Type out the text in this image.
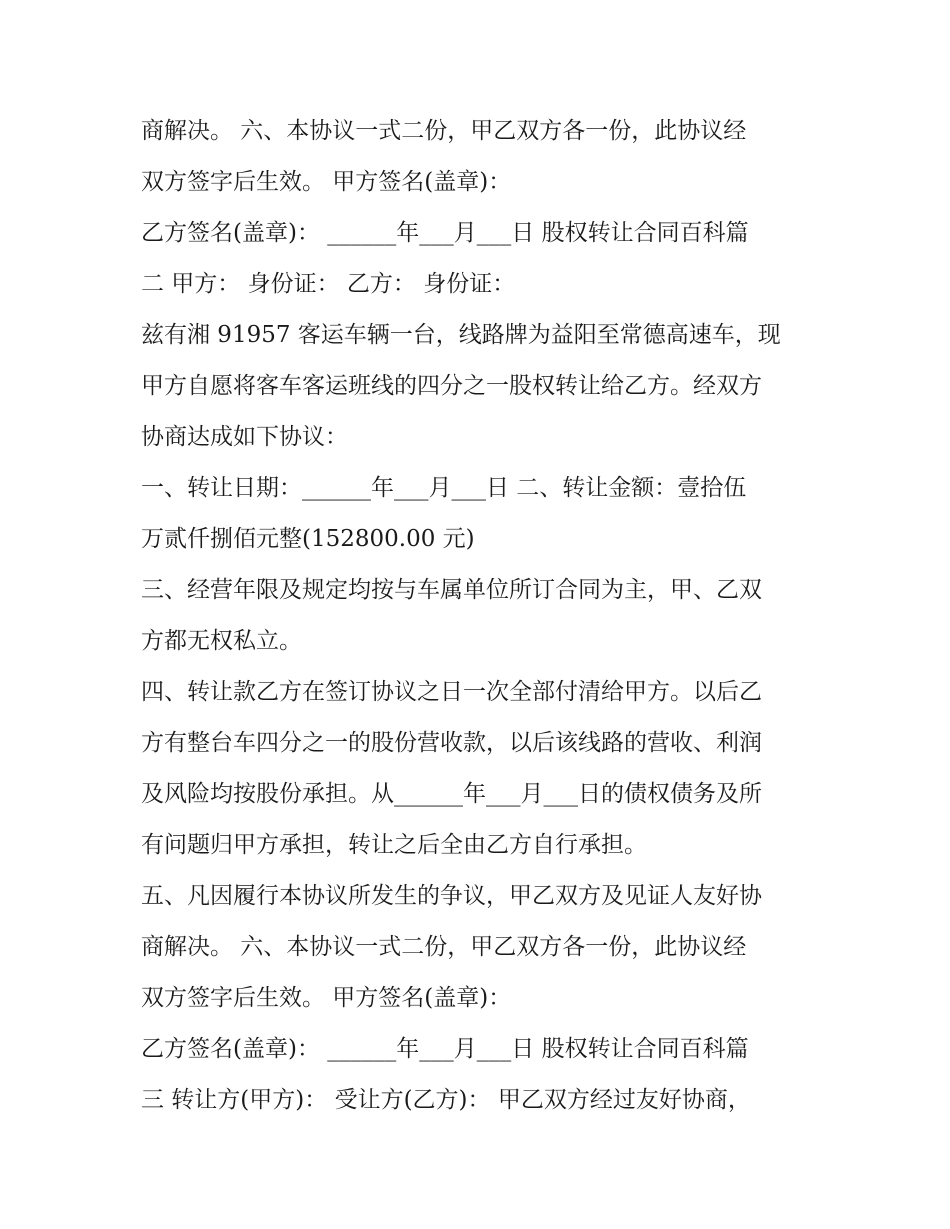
商解决。 六、本协议一式二份，甲乙双方各一份，此协议经
双方签字后生效。 甲方签名(盖章)：
乙方签名(盖章)： ______年___月___日 股权转让合同百科篇
二 甲方： 身份证： 乙方： 身份证：
兹有湘 91957 客运车辆一台，线路牌为益阳至常德高速车，现
甲方自愿将客车客运班线的四分之一股权转让给乙方。经双方
协商达成如下协议：
一、转让日期：______年___月___日 二、转让金额：壹拾伍
万贰仟捌佰元整(152800.00 元)
三、经营年限及规定均按与车属单位所订合同为主，甲、乙双
方都无权私立。
四、转让款乙方在签订协议之日一次全部付清给甲方。以后乙
方有整台车四分之一的股份营收款，以后该线路的营收、利润
及风险均按股份承担。从______年___月___日的债权债务及所
有问题归甲方承担，转让之后全由乙方自行承担。
五、凡因履行本协议所发生的争议，甲乙双方及见证人友好协
商解决。 六、本协议一式二份，甲乙双方各一份，此协议经
双方签字后生效。 甲方签名(盖章)：
乙方签名(盖章)： ______年___月___日 股权转让合同百科篇
三 转让方(甲方)： 受让方(乙方)： 甲乙双方经过友好协商，
